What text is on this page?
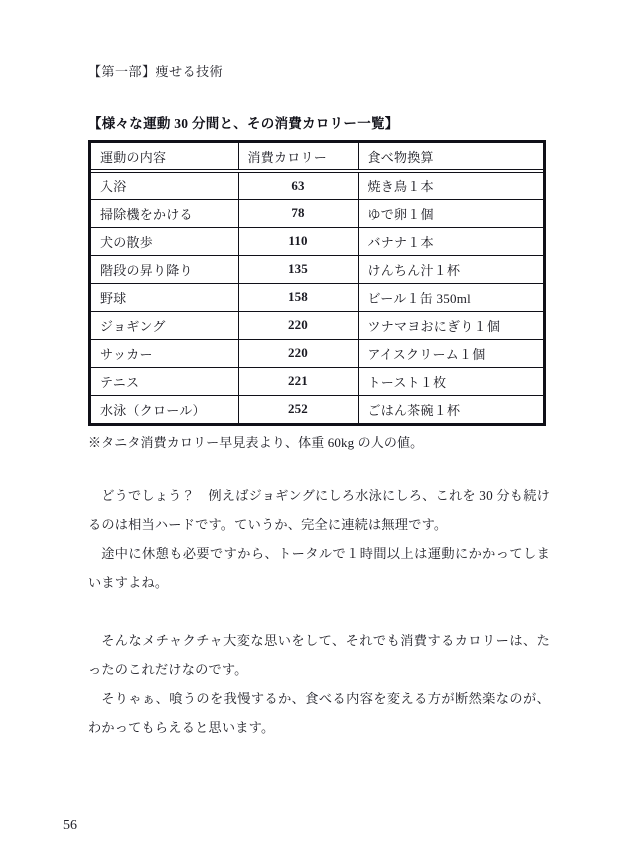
【第一部】痩せる技術
【様々な運動 30 分間と、その消費カロリー一覧】
運動の内容	消費カロリー	食べ物換算
入浴	63	焼き鳥１本
掃除機をかける	78	ゆで卵１個
犬の散歩	110	バナナ１本
階段の昇り降り	135	けんちん汁１杯
野球	158	ビール１缶 350ml
ジョギング	220	ツナマヨおにぎり１個
サッカー	220	アイスクリーム１個
テニス	221	トースト１枚
水泳（クロール）	252	ごはん茶碗１杯
※タニタ消費カロリー早見表より、体重 60kg の人の値。

どうでしょう？　例えばジョギングにしろ水泳にしろ、これを 30 分も続けるのは相当ハードです。ていうか、完全に連続は無理です。

途中に休憩も必要ですから、トータルで１時間以上は運動にかかってしまいますよね。

そんなメチャクチャ大変な思いをして、それでも消費するカロリーは、たったのこれだけなのです。

そりゃぁ、喰うのを我慢するか、食べる内容を変える方が断然楽なのが、わかってもらえると思います。

56
